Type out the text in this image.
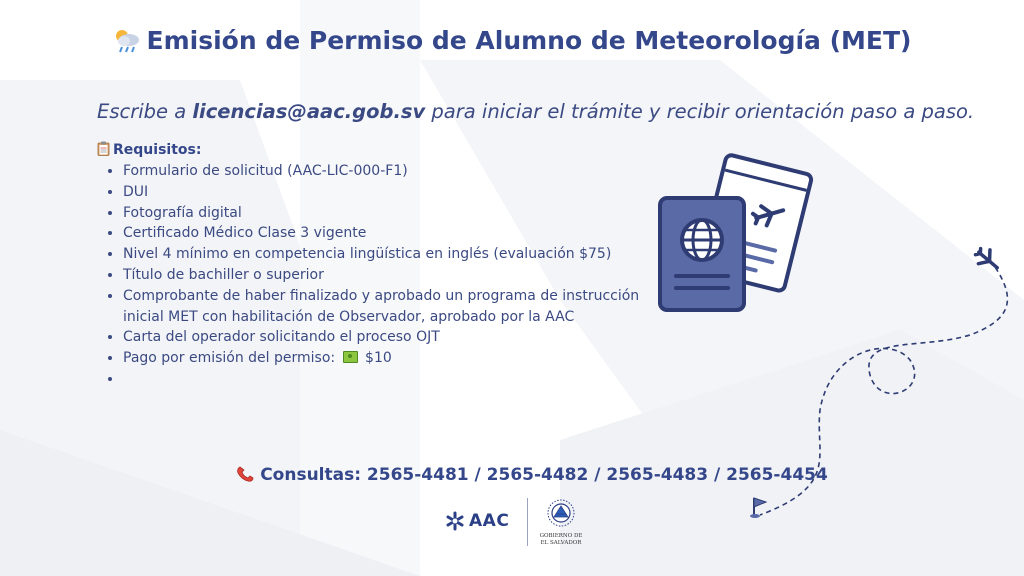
Emisión de Permiso de Alumno de Meteorología (MET)
Escribe a licencias@aac.gob.sv para iniciar el trámite y recibir orientación paso a paso.
Requisitos:
• Formulario de solicitud (AAC-LIC-000-F1)
• DUI
• Fotografía digital
• Certificado Médico Clase 3 vigente
• Nivel 4 mínimo en competencia lingüística en inglés (evaluación $75)
• Título de bachiller o superior
• Comprobante de haber finalizado y aprobado un programa de instrucción inicial MET con habilitación de Observador, aprobado por la AAC
• Carta del operador solicitando el proceso OJT
• Pago por emisión del permiso:  $10
•
Consultas: 2565-4481 / 2565-4482 / 2565-4483 / 2565-4454
AAC
GOBIERNO DE
EL SALVADOR
